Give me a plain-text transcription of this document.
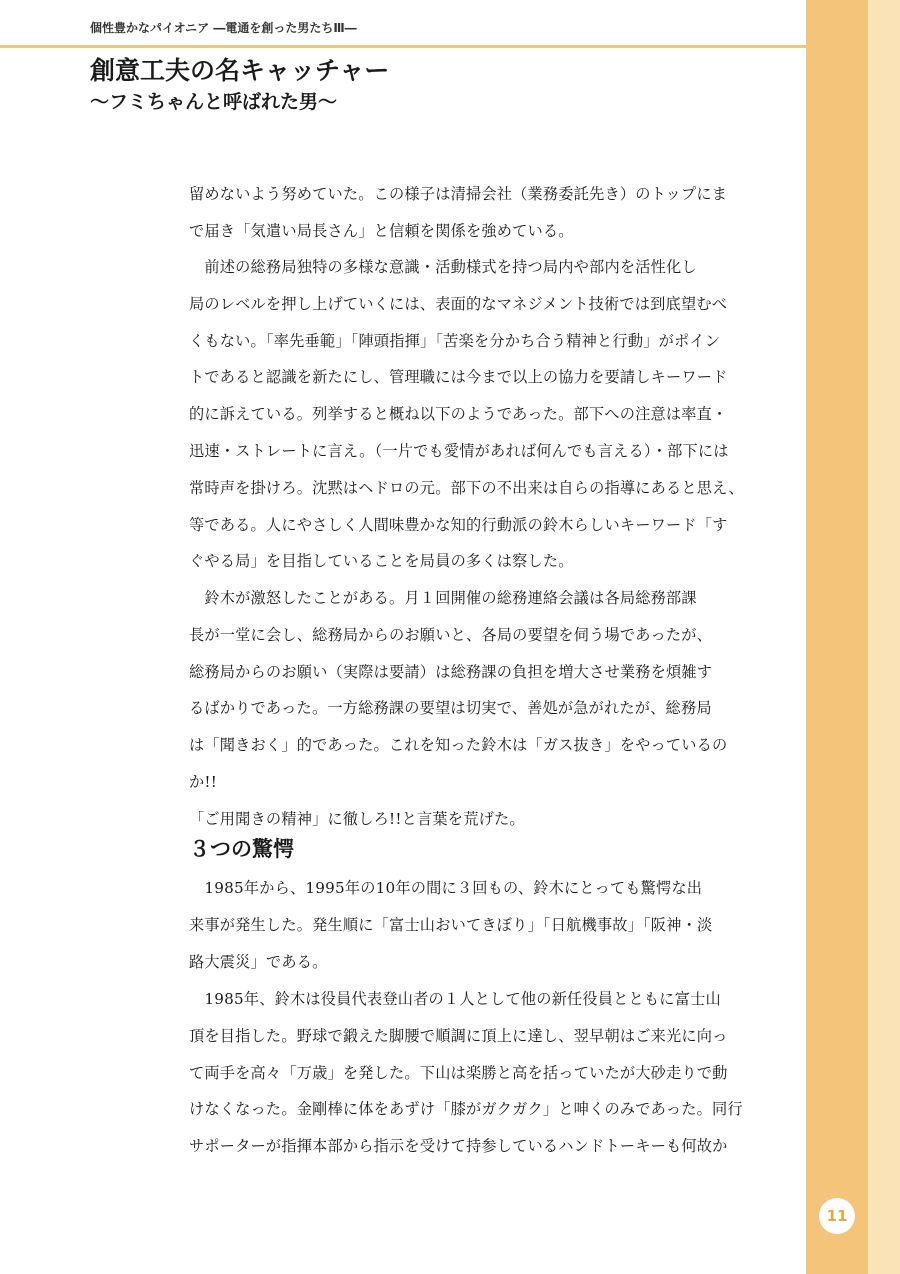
個性豊かなパイオニア ―電通を創った男たちⅢ―
創意工夫の名キャッチャー
〜フミちゃんと呼ばれた男〜

留めないよう努めていた。この様子は清掃会社（業務委託先き）のトップにま
で届き「気遣い局長さん」と信頼を関係を強めている。

　前述の総務局独特の多様な意識・活動様式を持つ局内や部内を活性化し
局のレベルを押し上げていくには、表面的なマネジメント技術では到底望むべ
くもない。「率先垂範」「陣頭指揮」「苦楽を分かち合う精神と行動」がポイン
トであると認識を新たにし、管理職には今まで以上の協力を要請しキーワード
的に訴えている。列挙すると概ね以下のようであった。部下への注意は率直・
迅速・ストレートに言え。（一片でも愛情があれば何んでも言える）・部下には
常時声を掛けろ。沈黙はヘドロの元。部下の不出来は自らの指導にあると思え、
等である。人にやさしく人間味豊かな知的行動派の鈴木らしいキーワード「す
ぐやる局」を目指していることを局員の多くは察した。

　鈴木が激怒したことがある。月１回開催の総務連絡会議は各局総務部課
長が一堂に会し、総務局からのお願いと、各局の要望を伺う場であったが、
総務局からのお願い（実際は要請）は総務課の負担を増大させ業務を煩雑す
るばかりであった。一方総務課の要望は切実で、善処が急がれたが、総務局
は「聞きおく」的であった。これを知った鈴木は「ガス抜き」をやっているのか!!
「ご用聞きの精神」に徹しろ!!と言葉を荒げた。

３つの驚愕

　1985年から、1995年の10年の間に３回もの、鈴木にとっても驚愕な出
来事が発生した。発生順に「富士山おいてきぼり」「日航機事故」「阪神・淡
路大震災」である。

　1985年、鈴木は役員代表登山者の１人として他の新任役員とともに富士山
頂を目指した。野球で鍛えた脚腰で順調に頂上に達し、翌早朝はご来光に向っ
て両手を高々「万歳」を発した。下山は楽勝と高を括っていたが大砂走りで動
けなくなった。金剛棒に体をあずけ「膝がガクガク」と呻くのみであった。同行
サポーターが指揮本部から指示を受けて持参しているハンドトーキーも何故か

11
